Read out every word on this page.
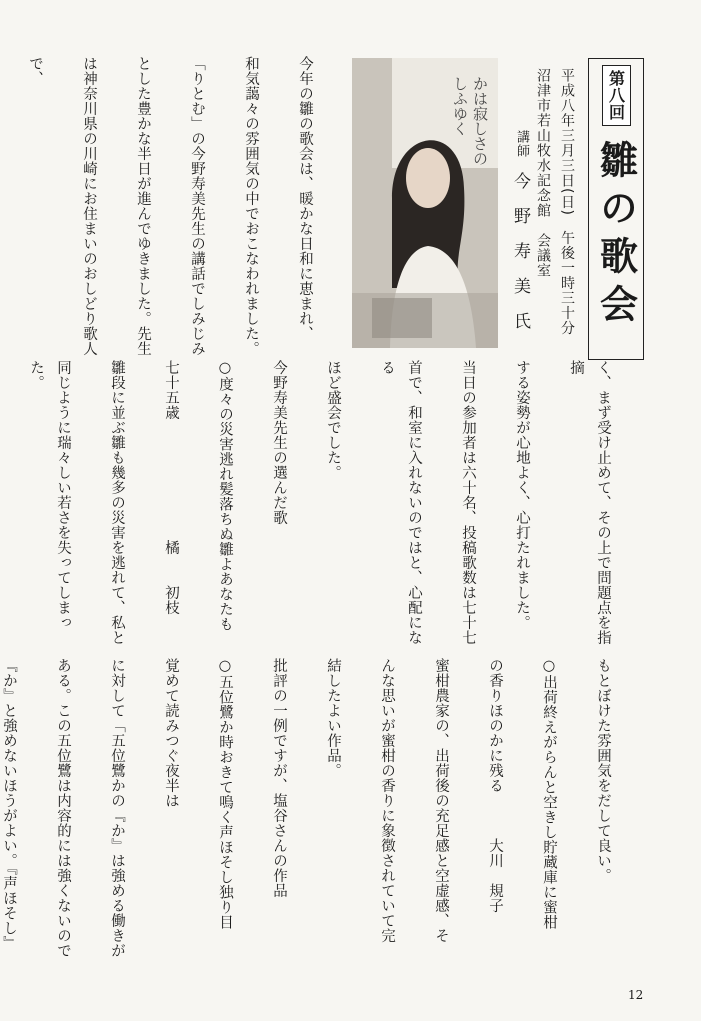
第八回
雛の歌会
平成八年三月三日(日)　午後一時三十分
沼津市若山牧水記念館　会議室
講師
今野寿美氏
かは寂しさの
しふゆく

今年の雛の歌会は、暖かな日和に恵まれ、

和気藹々の雰囲気の中でおこなわれました。

「りとむ」の今野寿美先生の講話でしみじみ

とした豊かな半日が進んでゆきました。先生

は神奈川県の川崎にお住まいのおしどり歌人

で、

く、まず受け止めて、その上で問題点を指摘

する姿勢が心地よく、心打たれました。

当日の参加者は六十名、投稿歌数は七十七

首で、和室に入れないのではと、心配になる

ほど盛会でした。

今野寿美先生の選んだ歌

○度々の災害逃れ髪落ちぬ雛よあなたも

七十五歳　　　　　　　　橘　　初枝

雛段に並ぶ雛も幾多の災害を逃れて、私と

同じように瑞々しい若さを失ってしまった。

もとぼけた雰囲気をだして良い。

○出荷終えがらんと空きし貯蔵庫に蜜柑

の香りほのかに残る　　　大川　規子

蜜柑農家の、出荷後の充足感と空虚感、そ

んな思いが蜜柑の香りに象徴されていて完

結したよい作品。

批評の一例ですが、塩谷さんの作品

○五位鷺か時おきて鳴く声ほそし独り目

覚めて読みつぐ夜半は

に対して「五位鷺かの『か』は強める働きが

ある。この五位鷺は内容的には強くないので

『か』と強めないほうがよい。『声ほそし』

12
